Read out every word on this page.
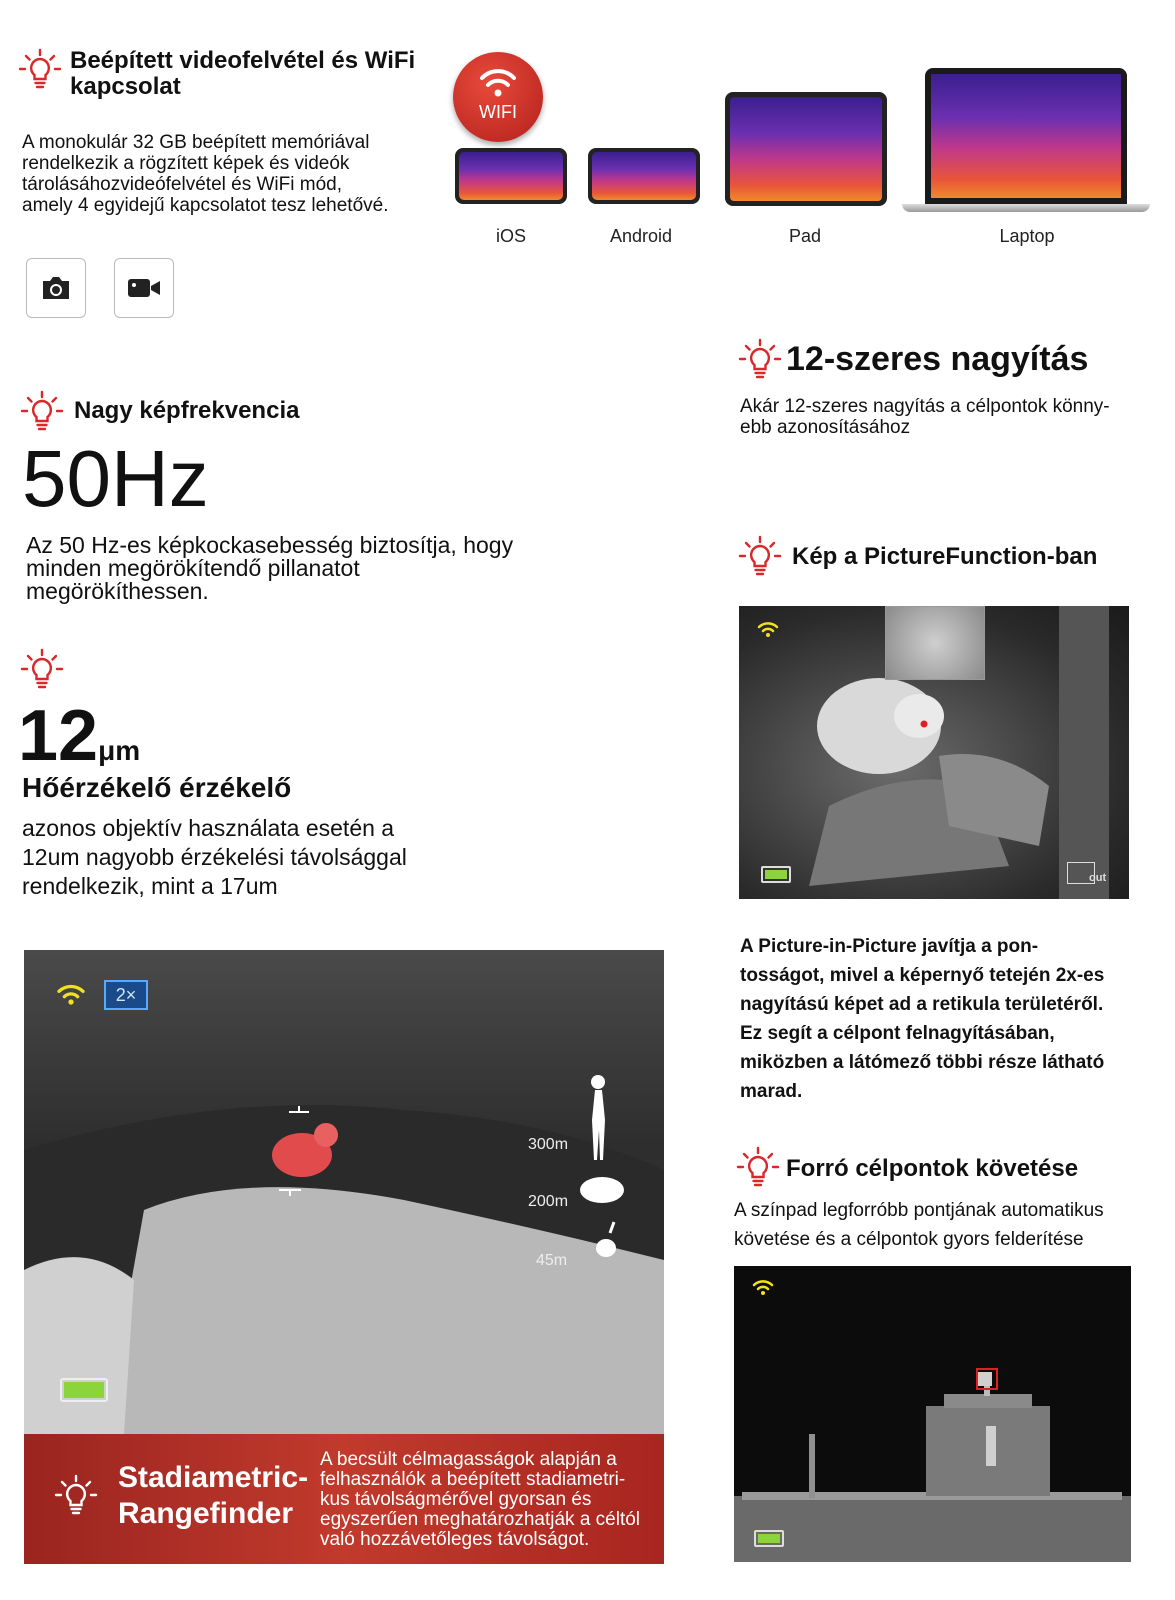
Beépített videofelvétel és WiFi
kapcsolat
A monokulár 32 GB beépített memóriával
rendelkezik a rögzített képek és videók
tárolásához​videófelvétel és WiFi mód,
amely 4 egyidejű kapcsolatot tesz lehetővé.
WIFI
iOS	Android	Pad	Laptop
12-szeres nagyítás
Akár 12-szeres nagyítás a célpontok könny-
ebb azonosításához
Nagy képfrekvencia
50Hz
Az 50 Hz-es képkockasebesség biztosítja, hogy
minden megörökítendő pillanatot
megörökíthessen.
12μm
Hőérzékelő érzékelő
azonos objektív használata esetén a
12um nagyobb érzékelési távolsággal
rendelkezik, mint a 17um
Kép a PictureFunction-ban
out
A Picture-in-Picture javítja a pon-
tosságot, mivel a képernyő tetején 2x-es
nagyítású képet ad a retikula területéről.
Ez segít a célpont felnagyításában,
miközben a látómező többi része látható
marad.
Forró célpontok követése
A színpad legforróbb pontjának automatikus
követése és a célpontok gyors felderítése
2×
300m
200m
45m
Stadiametric-
Rangefinder
A becsült célmagasságok alapján a
felhasználók a beépített stadiametri-
kus távolságmérővel gyorsan és
egyszerűen meghatározhatják a céltól
való hozzávetőleges távolságot.
